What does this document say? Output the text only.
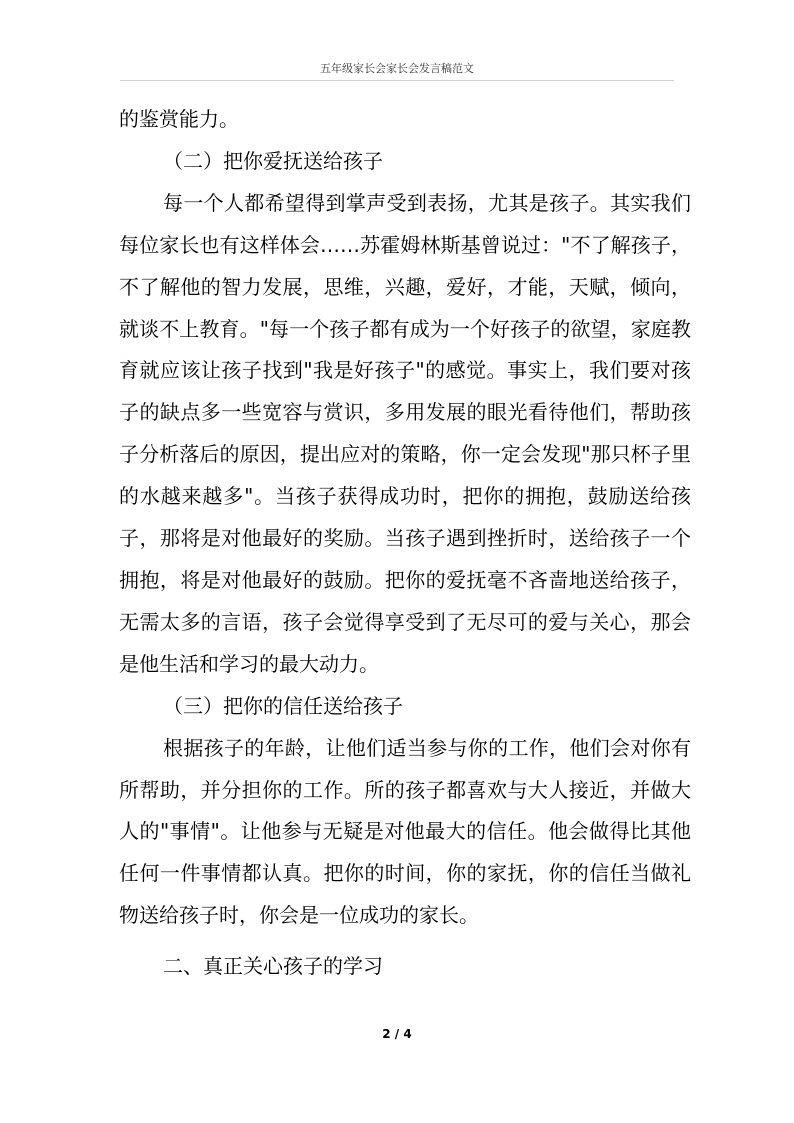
五年级家长会家长会发言稿范文

的鉴赏能力。

（二）把你爱抚送给孩子

每一个人都希望得到掌声受到表扬，尤其是孩子。其实我们每位家长也有这样体会……苏霍姆林斯基曾说过："不了解孩子，不了解他的智力发展，思维，兴趣，爱好，才能，天赋，倾向，就谈不上教育。"每一个孩子都有成为一个好孩子的欲望，家庭教育就应该让孩子找到"我是好孩子"的感觉。事实上，我们要对孩子的缺点多一些宽容与赏识，多用发展的眼光看待他们，帮助孩子分析落后的原因，提出应对的策略，你一定会发现"那只杯子里的水越来越多"。当孩子获得成功时，把你的拥抱，鼓励送给孩子，那将是对他最好的奖励。当孩子遇到挫折时，送给孩子一个拥抱，将是对他最好的鼓励。把你的爱抚毫不吝啬地送给孩子，无需太多的言语，孩子会觉得享受到了无尽可的爱与关心，那会是他生活和学习的最大动力。

（三）把你的信任送给孩子

根据孩子的年龄，让他们适当参与你的工作，他们会对你有所帮助，并分担你的工作。所的孩子都喜欢与大人接近，并做大人的"事情"。让他参与无疑是对他最大的信任。他会做得比其他任何一件事情都认真。把你的时间，你的家抚，你的信任当做礼物送给孩子时，你会是一位成功的家长。

二、真正关心孩子的学习

2 / 4
